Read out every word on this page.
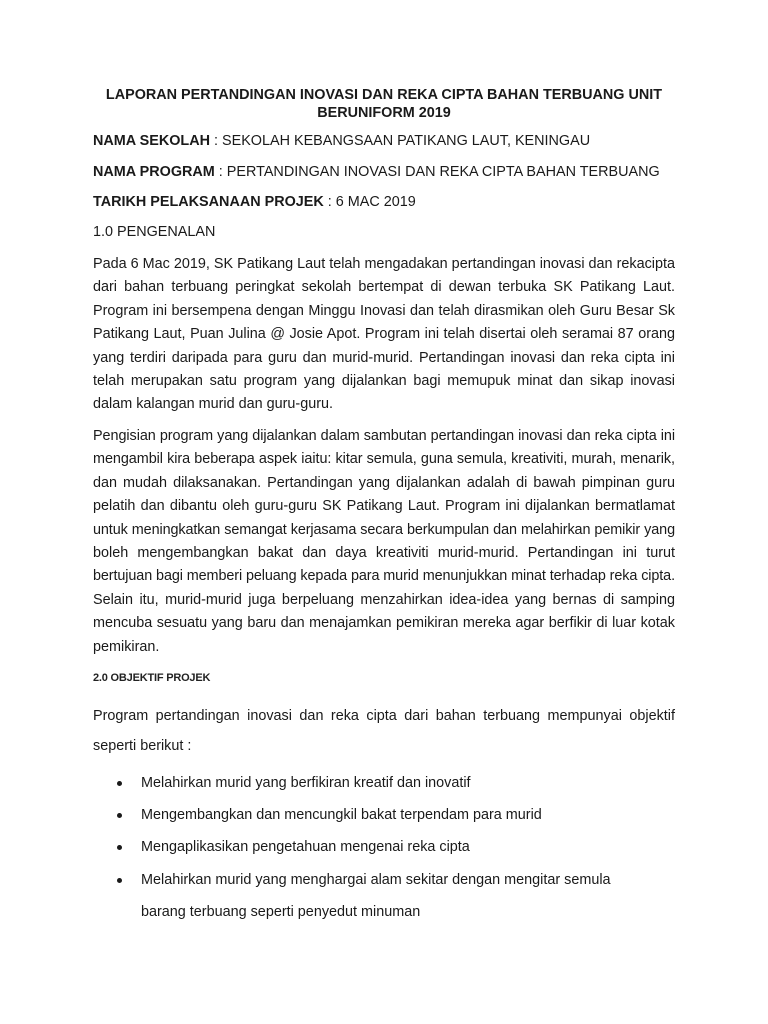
LAPORAN PERTANDINGAN INOVASI DAN REKA CIPTA BAHAN TERBUANG UNIT
BERUNIFORM 2019
NAMA SEKOLAH : SEKOLAH KEBANGSAAN PATIKANG LAUT, KENINGAU
NAMA PROGRAM : PERTANDINGAN INOVASI DAN REKA CIPTA BAHAN TERBUANG
TARIKH PELAKSANAAN PROJEK : 6 MAC 2019
1.0 PENGENALAN
Pada 6 Mac 2019, SK Patikang Laut telah mengadakan pertandingan inovasi dan rekacipta
dari bahan terbuang peringkat sekolah bertempat di dewan terbuka SK Patikang Laut.
Program ini bersempena dengan Minggu Inovasi dan telah dirasmikan oleh Guru Besar Sk
Patikang Laut, Puan Julina @ Josie Apot. Program ini telah disertai oleh seramai 87 orang
yang terdiri daripada para guru dan murid-murid. Pertandingan inovasi dan reka cipta ini
telah merupakan satu program yang dijalankan bagi memupuk minat dan sikap inovasi
dalam kalangan murid dan guru-guru.
Pengisian program yang dijalankan dalam sambutan pertandingan inovasi dan reka cipta ini
mengambil kira beberapa aspek iaitu: kitar semula, guna semula, kreativiti, murah, menarik,
dan mudah dilaksanakan. Pertandingan yang dijalankan adalah di bawah pimpinan guru
pelatih dan dibantu oleh guru-guru SK Patikang Laut. Program ini dijalankan bermatlamat
untuk meningkatkan semangat kerjasama secara berkumpulan dan melahirkan pemikir yang
boleh mengembangkan bakat dan daya kreativiti murid-murid. Pertandingan ini turut
bertujuan bagi memberi peluang kepada para murid menunjukkan minat terhadap reka cipta.
Selain itu, murid-murid juga berpeluang menzahirkan idea-idea yang bernas di samping
mencuba sesuatu yang baru dan menajamkan pemikiran mereka agar berfikir di luar kotak
pemikiran.
2.0 OBJEKTIF PROJEK
Program pertandingan inovasi dan reka cipta dari bahan terbuang mempunyai objektif
seperti berikut :
Melahirkan murid yang berfikiran kreatif dan inovatif
Mengembangkan dan mencungkil bakat terpendam para murid
Mengaplikasikan pengetahuan mengenai reka cipta
Melahirkan murid yang menghargai alam sekitar dengan mengitar semula
barang terbuang seperti penyedut minuman
